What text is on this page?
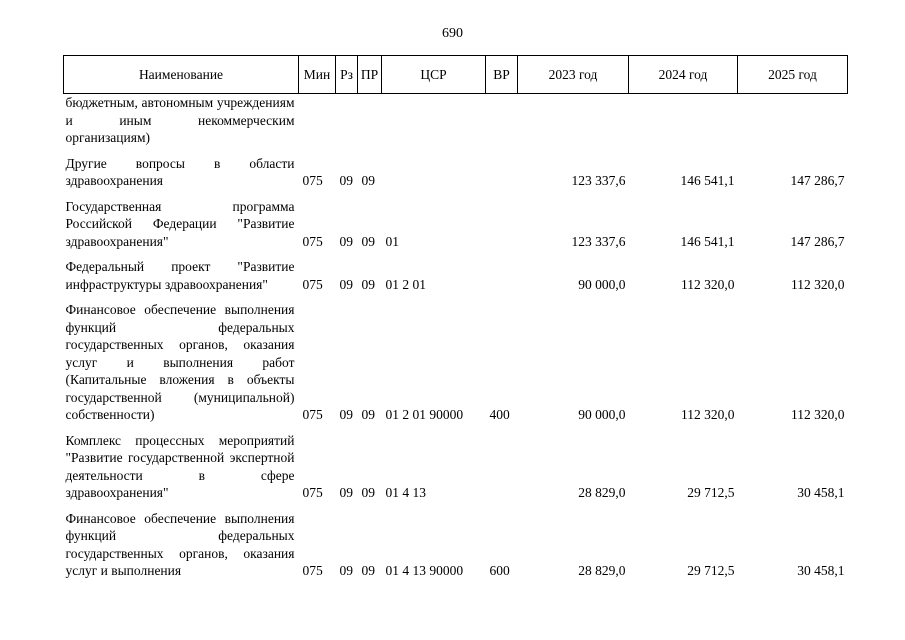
690
Наименование	Мин	Рз	ПР	ЦСР	ВР	2023 год	2024 год	2025 год
бюджетным, автономным учреждениям и иным некоммерческим организациям)								
Другие вопросы в области здравоохранения	075	09	09			123 337,6	146 541,1	147 286,7
Государственная программа Российской Федерации "Развитие здравоохранения"	075	09	09	01		123 337,6	146 541,1	147 286,7
Федеральный проект "Развитие инфраструктуры здравоохранения"	075	09	09	01 2 01		90 000,0	112 320,0	112 320,0
Финансовое обеспечение выполнения функций федеральных государственных органов, оказания услуг и выполнения работ (Капитальные вложения в объекты государственной (муниципальной) собственности)	075	09	09	01 2 01 90000	400	90 000,0	112 320,0	112 320,0
Комплекс процессных мероприятий "Развитие государственной экспертной деятельности в сфере здравоохранения"	075	09	09	01 4 13		28 829,0	29 712,5	30 458,1
Финансовое обеспечение выполнения функций федеральных государственных органов, оказания услуг и выполнения	075	09	09	01 4 13 90000	600	28 829,0	29 712,5	30 458,1
